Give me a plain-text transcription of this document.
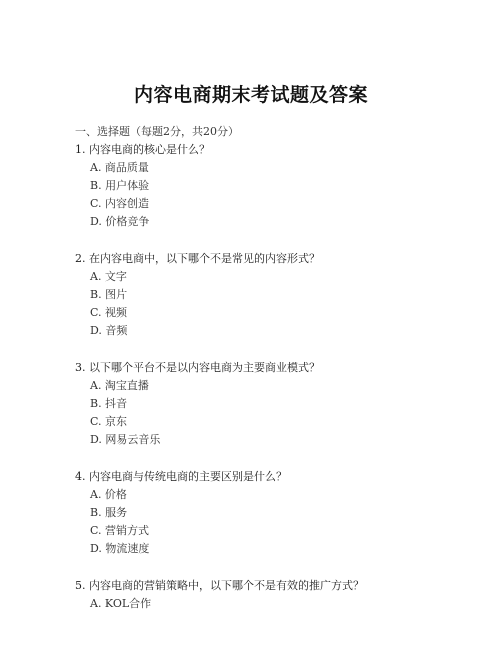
内容电商期末考试题及答案
一、选择题（每题2分，共20分）
1. 内容电商的核心是什么？
A. 商品质量
B. 用户体验
C. 内容创造
D. 价格竞争
2. 在内容电商中，以下哪个不是常见的内容形式？
A. 文字
B. 图片
C. 视频
D. 音频
3. 以下哪个平台不是以内容电商为主要商业模式？
A. 淘宝直播
B. 抖音
C. 京东
D. 网易云音乐
4. 内容电商与传统电商的主要区别是什么？
A. 价格
B. 服务
C. 营销方式
D. 物流速度
5. 内容电商的营销策略中，以下哪个不是有效的推广方式？
A. KOL合作
